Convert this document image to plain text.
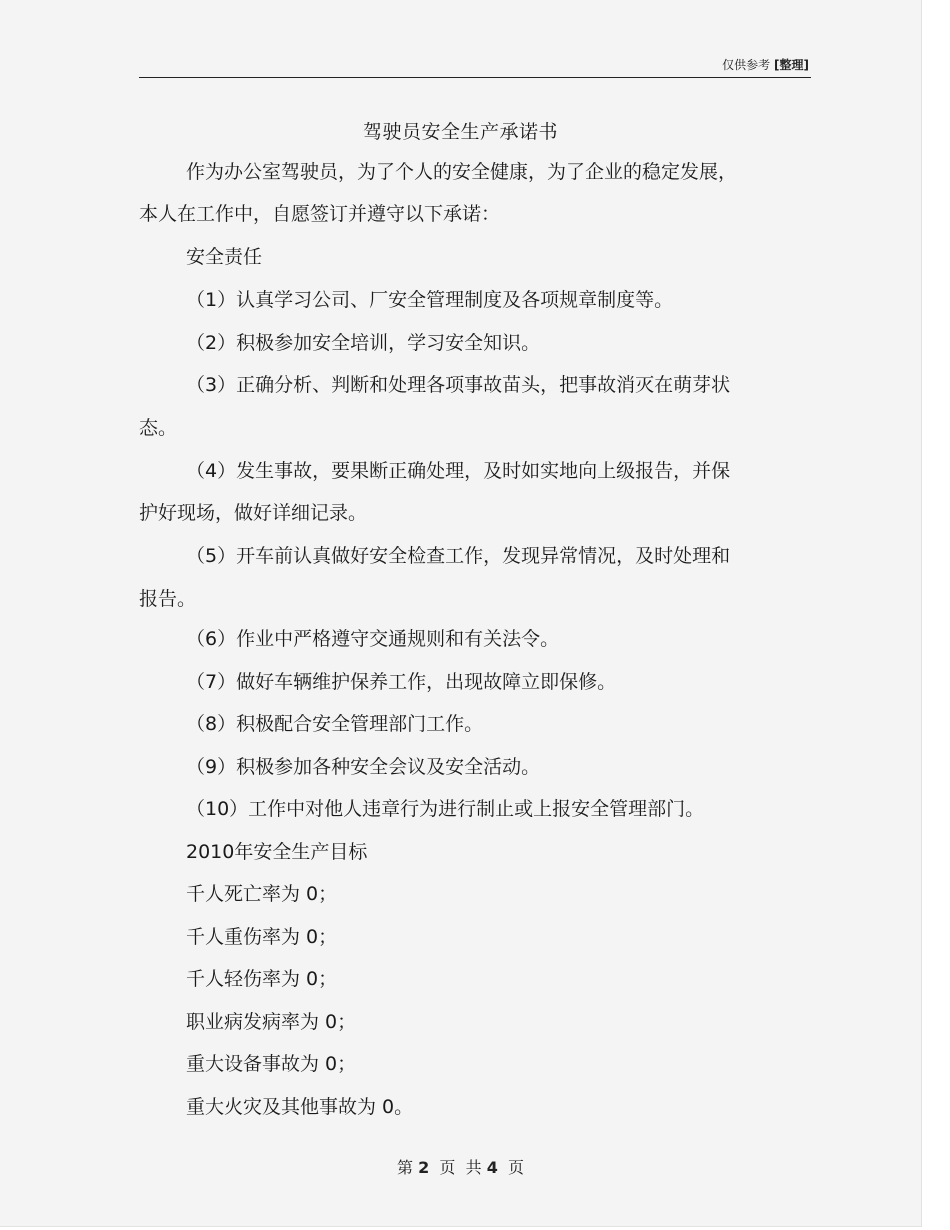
仅供参考 [整理]
驾驶员安全生产承诺书
作为办公室驾驶员，为了个人的安全健康，为了企业的稳定发展，
本人在工作中，自愿签订并遵守以下承诺：
安全责任
（1）认真学习公司、厂安全管理制度及各项规章制度等。
（2）积极参加安全培训，学习安全知识。
（3）正确分析、判断和处理各项事故苗头，把事故消灭在萌芽状
态。
（4）发生事故，要果断正确处理，及时如实地向上级报告，并保
护好现场，做好详细记录。
（5）开车前认真做好安全检查工作，发现异常情况，及时处理和
报告。
（6）作业中严格遵守交通规则和有关法令。
（7）做好车辆维护保养工作，出现故障立即保修。
（8）积极配合安全管理部门工作。
（9）积极参加各种安全会议及安全活动。
（10）工作中对他人违章行为进行制止或上报安全管理部门。
2010年安全生产目标
千人死亡率为 0；
千人重伤率为 0；
千人轻伤率为 0；
职业病发病率为 0；
重大设备事故为 0；
重大火灾及其他事故为 0。
第 2 页 共 4 页
